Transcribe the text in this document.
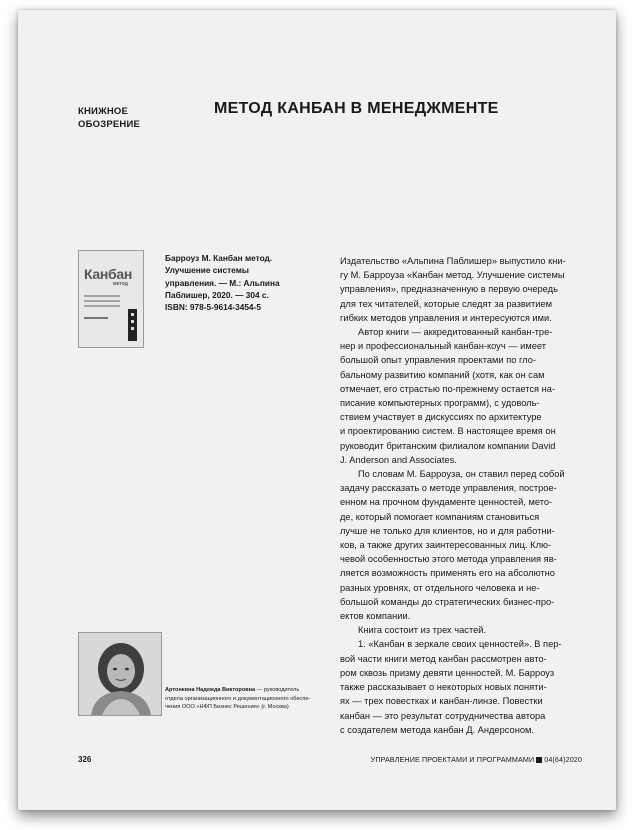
КНИЖНОЕ
ОБОЗРЕНИЕ
МЕТОД КАНБАН В МЕНЕДЖМЕНТЕ
Канбан
метод
Барроуз М. Канбан метод.
Улучшение системы
управления. — М.: Альпина
Паблишер, 2020. — 304 с.
ISBN: 978-5-9614-3454-5
Издательство «Альпина Паблишер» выпустило кни-
гу М. Барроуза «Канбан метод. Улучшение системы
управления», предназначенную в первую очередь
для тех читателей, которые следят за развитием
гибких методов управления и интересуются ими.
Автор книги — аккредитованный канбан-тре-
нер и профессиональный канбан-коуч — имеет
большой опыт управления проектами по гло-
бальному развитию компаний (хотя, как он сам
отмечает, его страстью по-прежнему остается на-
писание компьютерных программ), с удоволь-
ствием участвует в дискуссиях по архитектуре
и проектированию систем. В настоящее время он
руководит британским филиалом компании David
J. Anderson and Associates.
По словам М. Барроуза, он ставил перед собой
задачу рассказать о методе управления, построе-
енном на прочном фундаменте ценностей, мето-
де, который помогает компаниям становиться
лучше не только для клиентов, но и для работни-
ков, а также других заинтересованных лиц. Клю-
чевой особенностью этого метода управления яв-
ляется возможность применять его на абсолютно
разных уровнях, от отдельного человека и не-
большой команды до стратегических бизнес-про-
ектов компании.
Книга состоит из трех частей.
1. «Канбан в зеркале своих ценностей». В пер-
вой части книги метод канбан рассмотрен авто-
ром сквозь призму девяти ценностей. М. Барроуз
также рассказывает о некоторых новых поняти-
ях — трех повестках и канбан-линзе. Повестки
канбан — это результат сотрудничества автора
с создателем метода канбан Д. Андерсоном.
Артонкина Надежда Викторовна — руководитель
отдела организационного и документационного обеспе-
чения ООО «НФП Бизнес Решения» (г. Москва)
326	УПРАВЛЕНИЕ ПРОЕКТАМИ И ПРОГРАММАМИ 04(64)2020
